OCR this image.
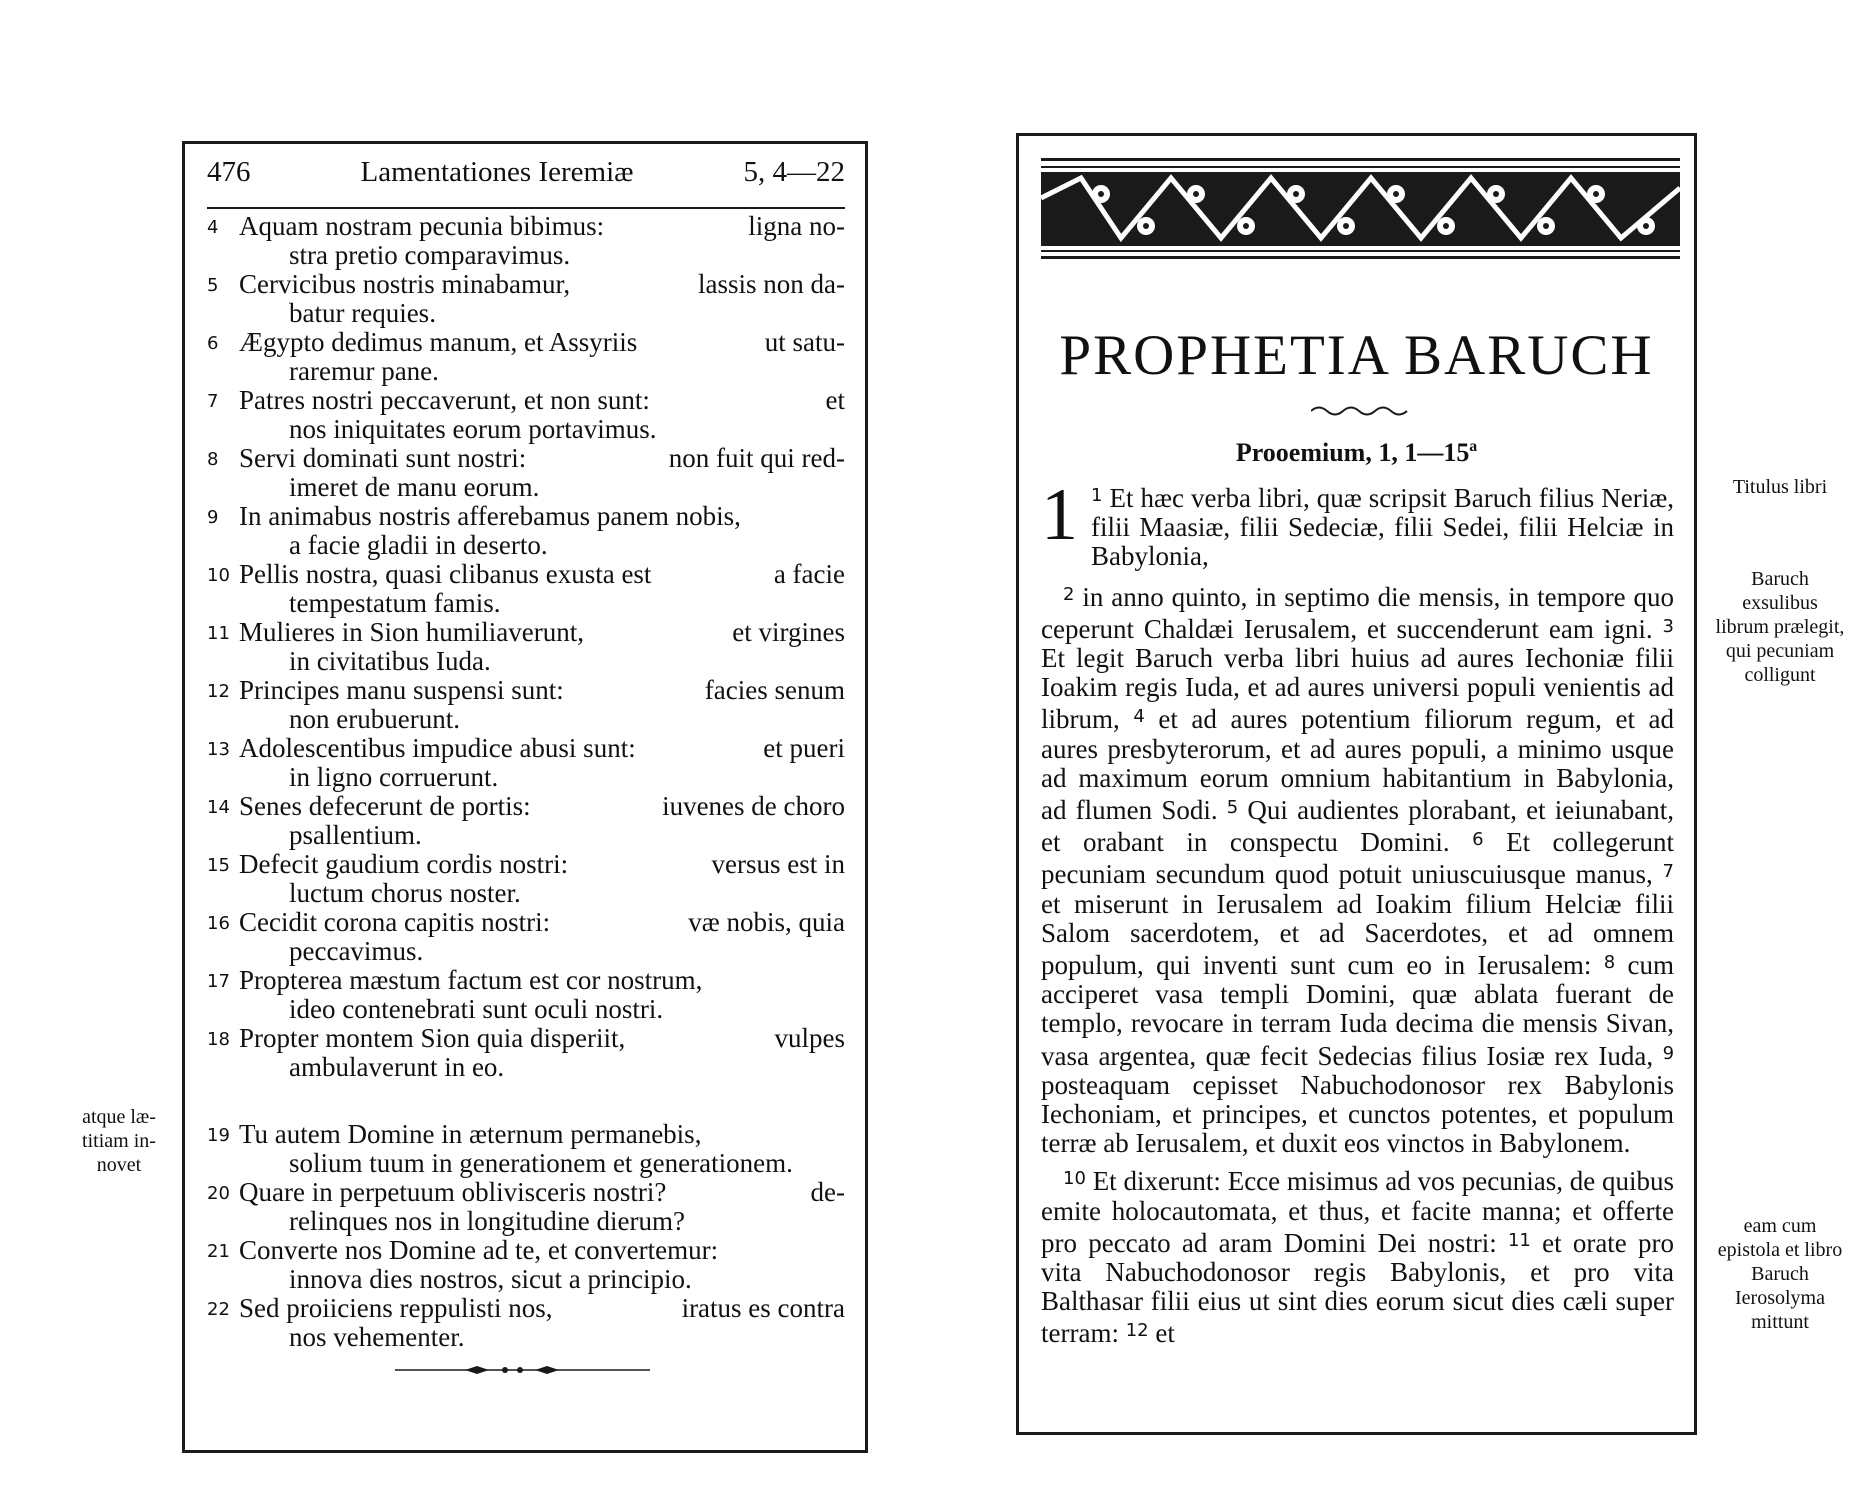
476	Lamentationes Ieremiæ	5, 4—22
4 Aquam nostram pecunia bibimus:	ligna no-
stra pretio comparavimus.
5 Cervicibus nostris minabamur,	lassis non da-
batur requies.
6 Ægypto dedimus manum, et Assyriis	ut satu-
raremur pane.
7 Patres nostri peccaverunt, et non sunt:	et
nos iniquitates eorum portavimus.
8 Servi dominati sunt nostri:	non fuit qui red-
imeret de manu eorum.
9 In animabus nostris afferebamus panem nobis,
a facie gladii in deserto.
10 Pellis nostra, quasi clibanus exusta est	a facie
tempestatum famis.
11 Mulieres in Sion humiliaverunt,	et virgines
in civitatibus Iuda.
12 Principes manu suspensi sunt:	facies senum
non erubuerunt.
13 Adolescentibus impudice abusi sunt:	et pueri
in ligno corruerunt.
14 Senes defecerunt de portis:	iuvenes de choro
psallentium.
15 Defecit gaudium cordis nostri:	versus est in
luctum chorus noster.
16 Cecidit corona capitis nostri:	væ nobis, quia
peccavimus.
17 Propterea mæstum factum est cor nostrum,
ideo contenebrati sunt oculi nostri.
18 Propter montem Sion quia disperiit,	vulpes
ambulaverunt in eo.
19 Tu autem Domine in æternum permanebis,
solium tuum in generationem et generationem.
20 Quare in perpetuum oblivisceris nostri?	de-
relinques nos in longitudine dierum?
21 Converte nos Domine ad te, et convertemur:
innova dies nostros, sicut a principio.
22 Sed proiiciens reppulisti nos,	iratus es contra
nos vehementer.
atque læ-titiam in-novet
PROPHETIA BARUCH
Prooemium, 1, 1—15ª
1 $^1$ Et hæc verba libri, quæ scripsit Baruch filius Neriæ, filii Maasiæ, filii Sedeciæ, filii Sedei, filii Helciæ in Babylonia,

$^2$ in anno quinto, in septimo die mensis, in tempore quo ceperunt Chaldæi Ierusalem, et succenderunt eam igni. $^3$ Et legit Baruch verba libri huius ad aures Iechoniæ filii Ioakim regis Iuda, et ad aures universi populi venientis ad librum, $^4$ et ad aures potentium filiorum regum, et ad aures presbyterorum, et ad aures populi, a minimo usque ad maximum eorum omnium habitantium in Babylonia, ad flumen Sodi. $^5$ Qui audientes plorabant, et ieiunabant, et orabant in conspectu Domini. $^6$ Et collegerunt pecuniam secundum quod potuit uniuscuiusque manus, $^7$ et miserunt in Ierusalem ad Ioakim filium Helciæ filii Salom sacerdotem, et ad Sacerdotes, et ad omnem populum, qui inventi sunt cum eo in Ierusalem: $^8$ cum acciperet vasa templi Domini, quæ ablata fuerant de templo, revocare in terram Iuda decima die mensis Sivan, vasa argentea, quæ fecit Sedecias filius Iosiæ rex Iuda, $^9$ posteaquam cepisset Nabuchodonosor rex Babylonis Iechoniam, et principes, et cunctos potentes, et populum terræ ab Ierusalem, et duxit eos vinctos in Babylonem.

$^{10}$ Et dixerunt: Ecce misimus ad vos pecunias, de quibus emite holocautomata, et thus, et facite manna; et offerte pro peccato ad aram Domini Dei nostri: $^{11}$ et orate pro vita Nabuchodonosor regis Babylonis, et pro vita Balthasar filii eius ut sint dies eorum sicut dies cæli super terram: $^{12}$ et

Titulus libri
Baruch exsulibus librum prælegit, qui pecuniam colligunt
eam cum epistola et libro Baruch Ierosolyma mittunt
